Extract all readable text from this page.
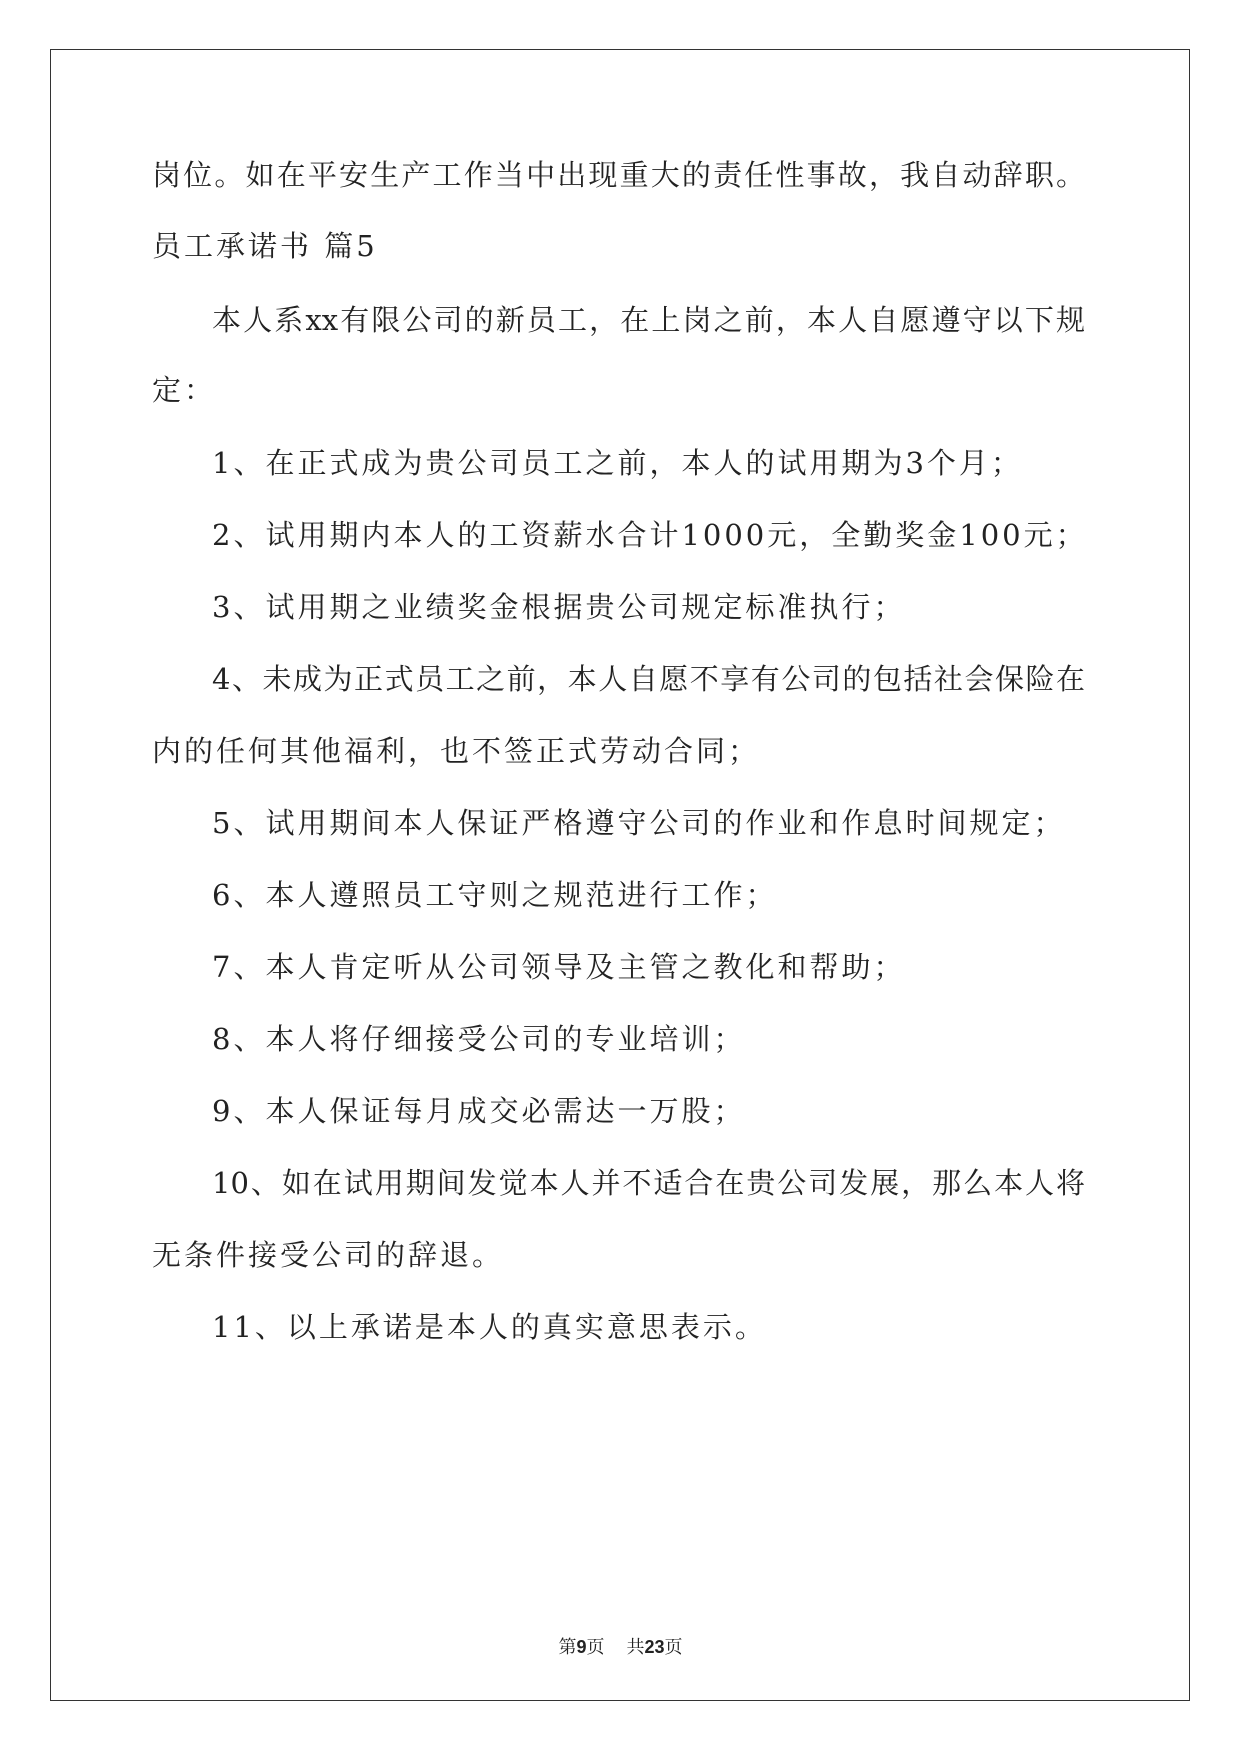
岗位。如在平安生产工作当中出现重大的责任性事故，我自动辞职。
员工承诺书 篇5
本人系xx有限公司的新员工，在上岗之前，本人自愿遵守以下规
定：
1、在正式成为贵公司员工之前，本人的试用期为3个月；
2、试用期内本人的工资薪水合计1000元，全勤奖金100元；
3、试用期之业绩奖金根据贵公司规定标准执行；
4、未成为正式员工之前，本人自愿不享有公司的包括社会保险在
内的任何其他福利，也不签正式劳动合同；
5、试用期间本人保证严格遵守公司的作业和作息时间规定；
6、本人遵照员工守则之规范进行工作；
7、本人肯定听从公司领导及主管之教化和帮助；
8、本人将仔细接受公司的专业培训；
9、本人保证每月成交必需达一万股；
10、如在试用期间发觉本人并不适合在贵公司发展，那么本人将
无条件接受公司的辞退。
11、以上承诺是本人的真实意思表示。
第9页 共23页
